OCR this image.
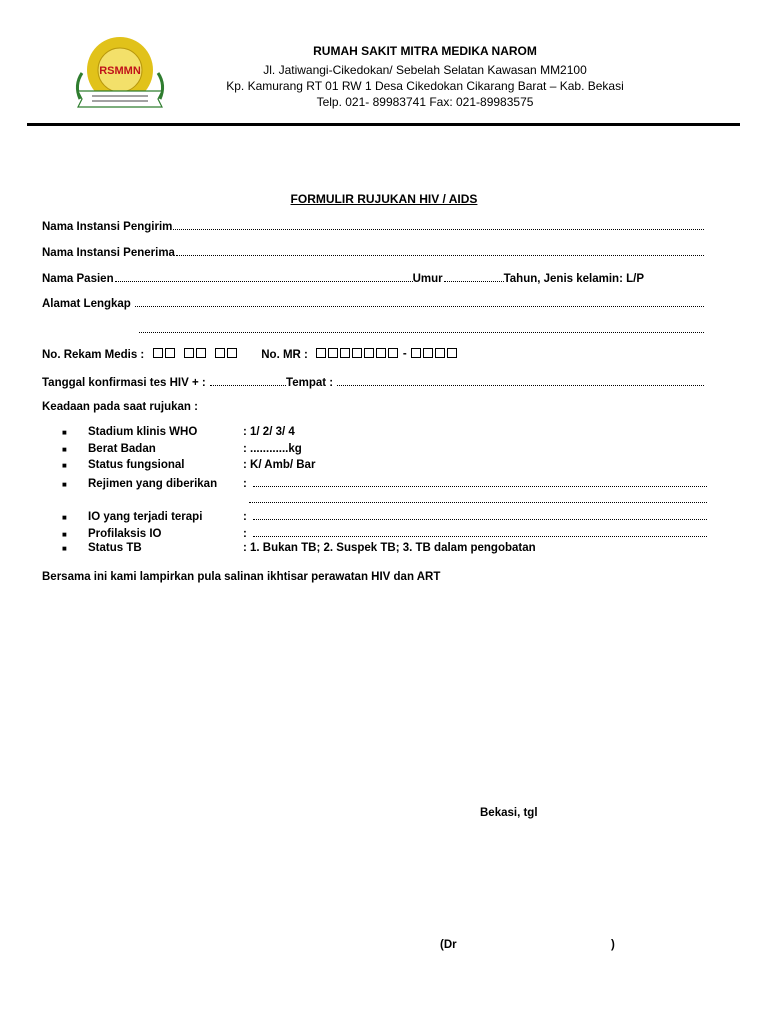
RSMMN
RUMAH SAKIT MITRA MEDIKA NAROM
Jl. Jatiwangi-Cikedokan/ Sebelah Selatan Kawasan MM2100
Kp. Kamurang RT 01 RW 1 Desa Cikedokan Cikarang Barat – Kab. Bekasi
Telp. 021- 89983741 Fax: 021-89983575
FORMULIR RUJUKAN HIV / AIDS
Nama Instansi Pengirim
Nama Instansi Penerima
Nama Pasien	Umur	Tahun, Jenis kelamin: L/P
Alamat Lengkap
No. Rekam Medis :	No. MR :	-
Tanggal konfirmasi tes HIV + :	Tempat :
Keadaan pada saat rujukan :
■	Stadium klinis WHO	: 1/ 2/ 3/ 4
■	Berat Badan	: ............kg
■	Status fungsional	: K/ Amb/ Bar
■	Rejimen yang diberikan	:
■	IO yang terjadi terapi	:
■	Profilaksis IO	:
■	Status TB	: 1. Bukan TB; 2. Suspek TB; 3. TB dalam pengobatan
Bersama ini kami lampirkan pula salinan ikhtisar perawatan HIV dan ART
Bekasi, tgl
(Dr	)
